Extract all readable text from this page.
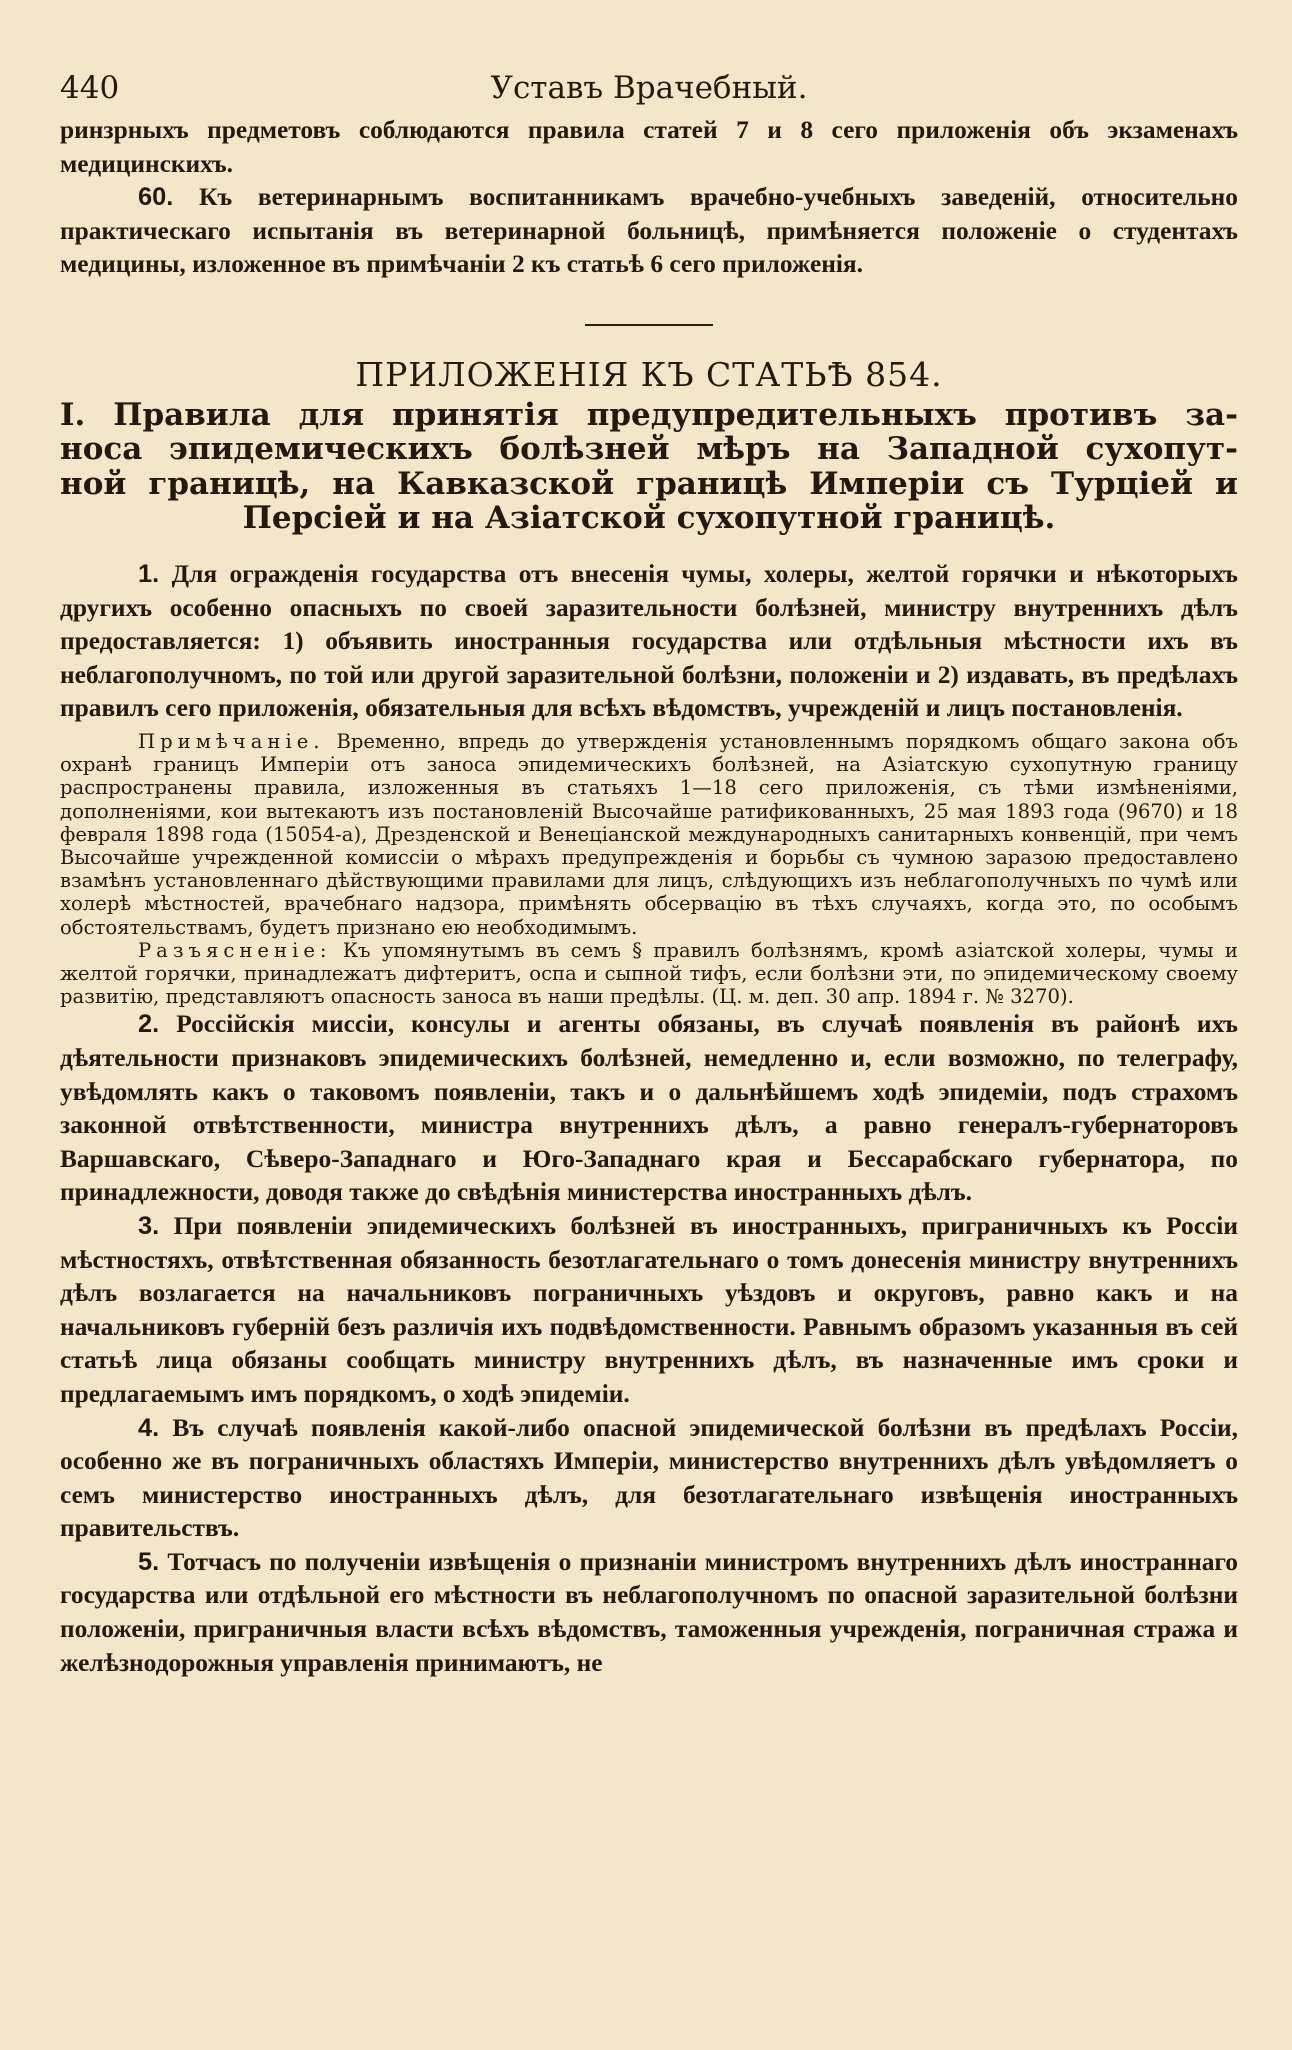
440	Уставъ Врачебный.

ринзрныхъ предметовъ соблюдаются правила статей 7 и 8 сего приложенія объ экзаменахъ медицинскихъ.

60. Къ ветеринарнымъ воспитанникамъ врачебно-учебныхъ заведеній, относительно практическаго испытанія въ ветеринарной больницѣ, примѣняется положеніе о студентахъ медицины, изложенное въ примѣчаніи 2 къ статьѣ 6 сего приложенія.

ПРИЛОЖЕНІЯ КЪ СТАТЬѢ 854.
I. Правила для принятія предупредительныхъ противъ за-
носа эпидемическихъ болѣзней мѣръ на Западной сухопут-
ной границѣ, на Кавказской границѣ Имперіи съ Турціей и
Персіей и на Азіатской сухопутной границѣ.

1. Для огражденія государства отъ внесенія чумы, холеры, желтой горячки и нѣкоторыхъ другихъ особенно опасныхъ по своей заразительности болѣзней, министру внутреннихъ дѣлъ предоставляется: 1) объявить иностранныя государства или отдѣльныя мѣстности ихъ въ неблагополучномъ, по той или другой заразительной болѣзни, положеніи и 2) издавать, въ предѣлахъ правилъ сего приложенія, обязательныя для всѣхъ вѣдомствъ, учрежденій и лицъ постановленія.

Примѣчаніе. Временно, впредь до утвержденія установленнымъ порядкомъ общаго закона объ охранѣ границъ Имперіи отъ заноса эпидемическихъ болѣзней, на Азіатскую сухопутную границу распространены правила, изложенныя въ статьяхъ 1—18 сего приложенія, съ тѣми измѣненіями, дополненіями, кои вытекаютъ изъ постановленій Высочайше ратификованныхъ, 25 мая 1893 года (9670) и 18 февраля 1898 года (15054-а), Дрезденской и Венеціанской международныхъ санитарныхъ конвенцій, при чемъ Высочайше учрежденной комиссіи о мѣрахъ предупрежденія и борьбы съ чумною заразою предоставлено взамѣнъ установленнаго дѣйствующими правилами для лицъ, слѣдующихъ изъ неблагополучныхъ по чумѣ или холерѣ мѣстностей, врачебнаго надзора, примѣнять обсервацію въ тѣхъ случаяхъ, когда это, по особымъ обстоятельствамъ, будетъ признано ею необходимымъ.

Разъясненіе: Къ упомянутымъ въ семъ § правилъ болѣзнямъ, кромѣ азіатской холеры, чумы и желтой горячки, принадлежатъ дифтеритъ, оспа и сыпной тифъ, если болѣзни эти, по эпидемическому своему развитію, представляютъ опасность заноса въ наши предѣлы. (Ц. м. деп. 30 апр. 1894 г. № 3270).

2. Россійскія миссіи, консулы и агенты обязаны, въ случаѣ появленія въ районѣ ихъ дѣятельности признаковъ эпидемическихъ болѣзней, немедленно и, если возможно, по телеграфу, увѣдомлять какъ о таковомъ появленіи, такъ и о дальнѣйшемъ ходѣ эпидеміи, подъ страхомъ законной отвѣтственности, министра внутреннихъ дѣлъ, а равно генералъ-губернаторовъ Варшавскаго, Сѣверо-Западнаго и Юго-Западнаго края и Бессарабскаго губернатора, по принадлежности, доводя также до свѣдѣнія министерства иностранныхъ дѣлъ.

3. При появленіи эпидемическихъ болѣзней въ иностранныхъ, приграничныхъ къ Россіи мѣстностяхъ, отвѣтственная обязанность безотлагательнаго о томъ донесенія министру внутреннихъ дѣлъ возлагается на начальниковъ пограничныхъ уѣздовъ и округовъ, равно какъ и на начальниковъ губерній безъ различія ихъ подвѣдомственности. Равнымъ образомъ указанныя въ сей статьѣ лица обязаны сообщать министру внутреннихъ дѣлъ, въ назначенные имъ сроки и предлагаемымъ имъ порядкомъ, о ходѣ эпидеміи.

4. Въ случаѣ появленія какой-либо опасной эпидемической болѣзни въ предѣлахъ Россіи, особенно же въ пограничныхъ областяхъ Имперіи, министерство внутреннихъ дѣлъ увѣдомляетъ о семъ министерство иностранныхъ дѣлъ, для безотлагательнаго извѣщенія иностранныхъ правительствъ.

5. Тотчасъ по полученіи извѣщенія о признаніи министромъ внутреннихъ дѣлъ иностраннаго государства или отдѣльной его мѣстности въ неблагополучномъ по опасной заразительной болѣзни положеніи, приграничныя власти всѣхъ вѣдомствъ, таможенныя учрежденія, пограничная стража и желѣзнодорожныя управленія принимаютъ, не
